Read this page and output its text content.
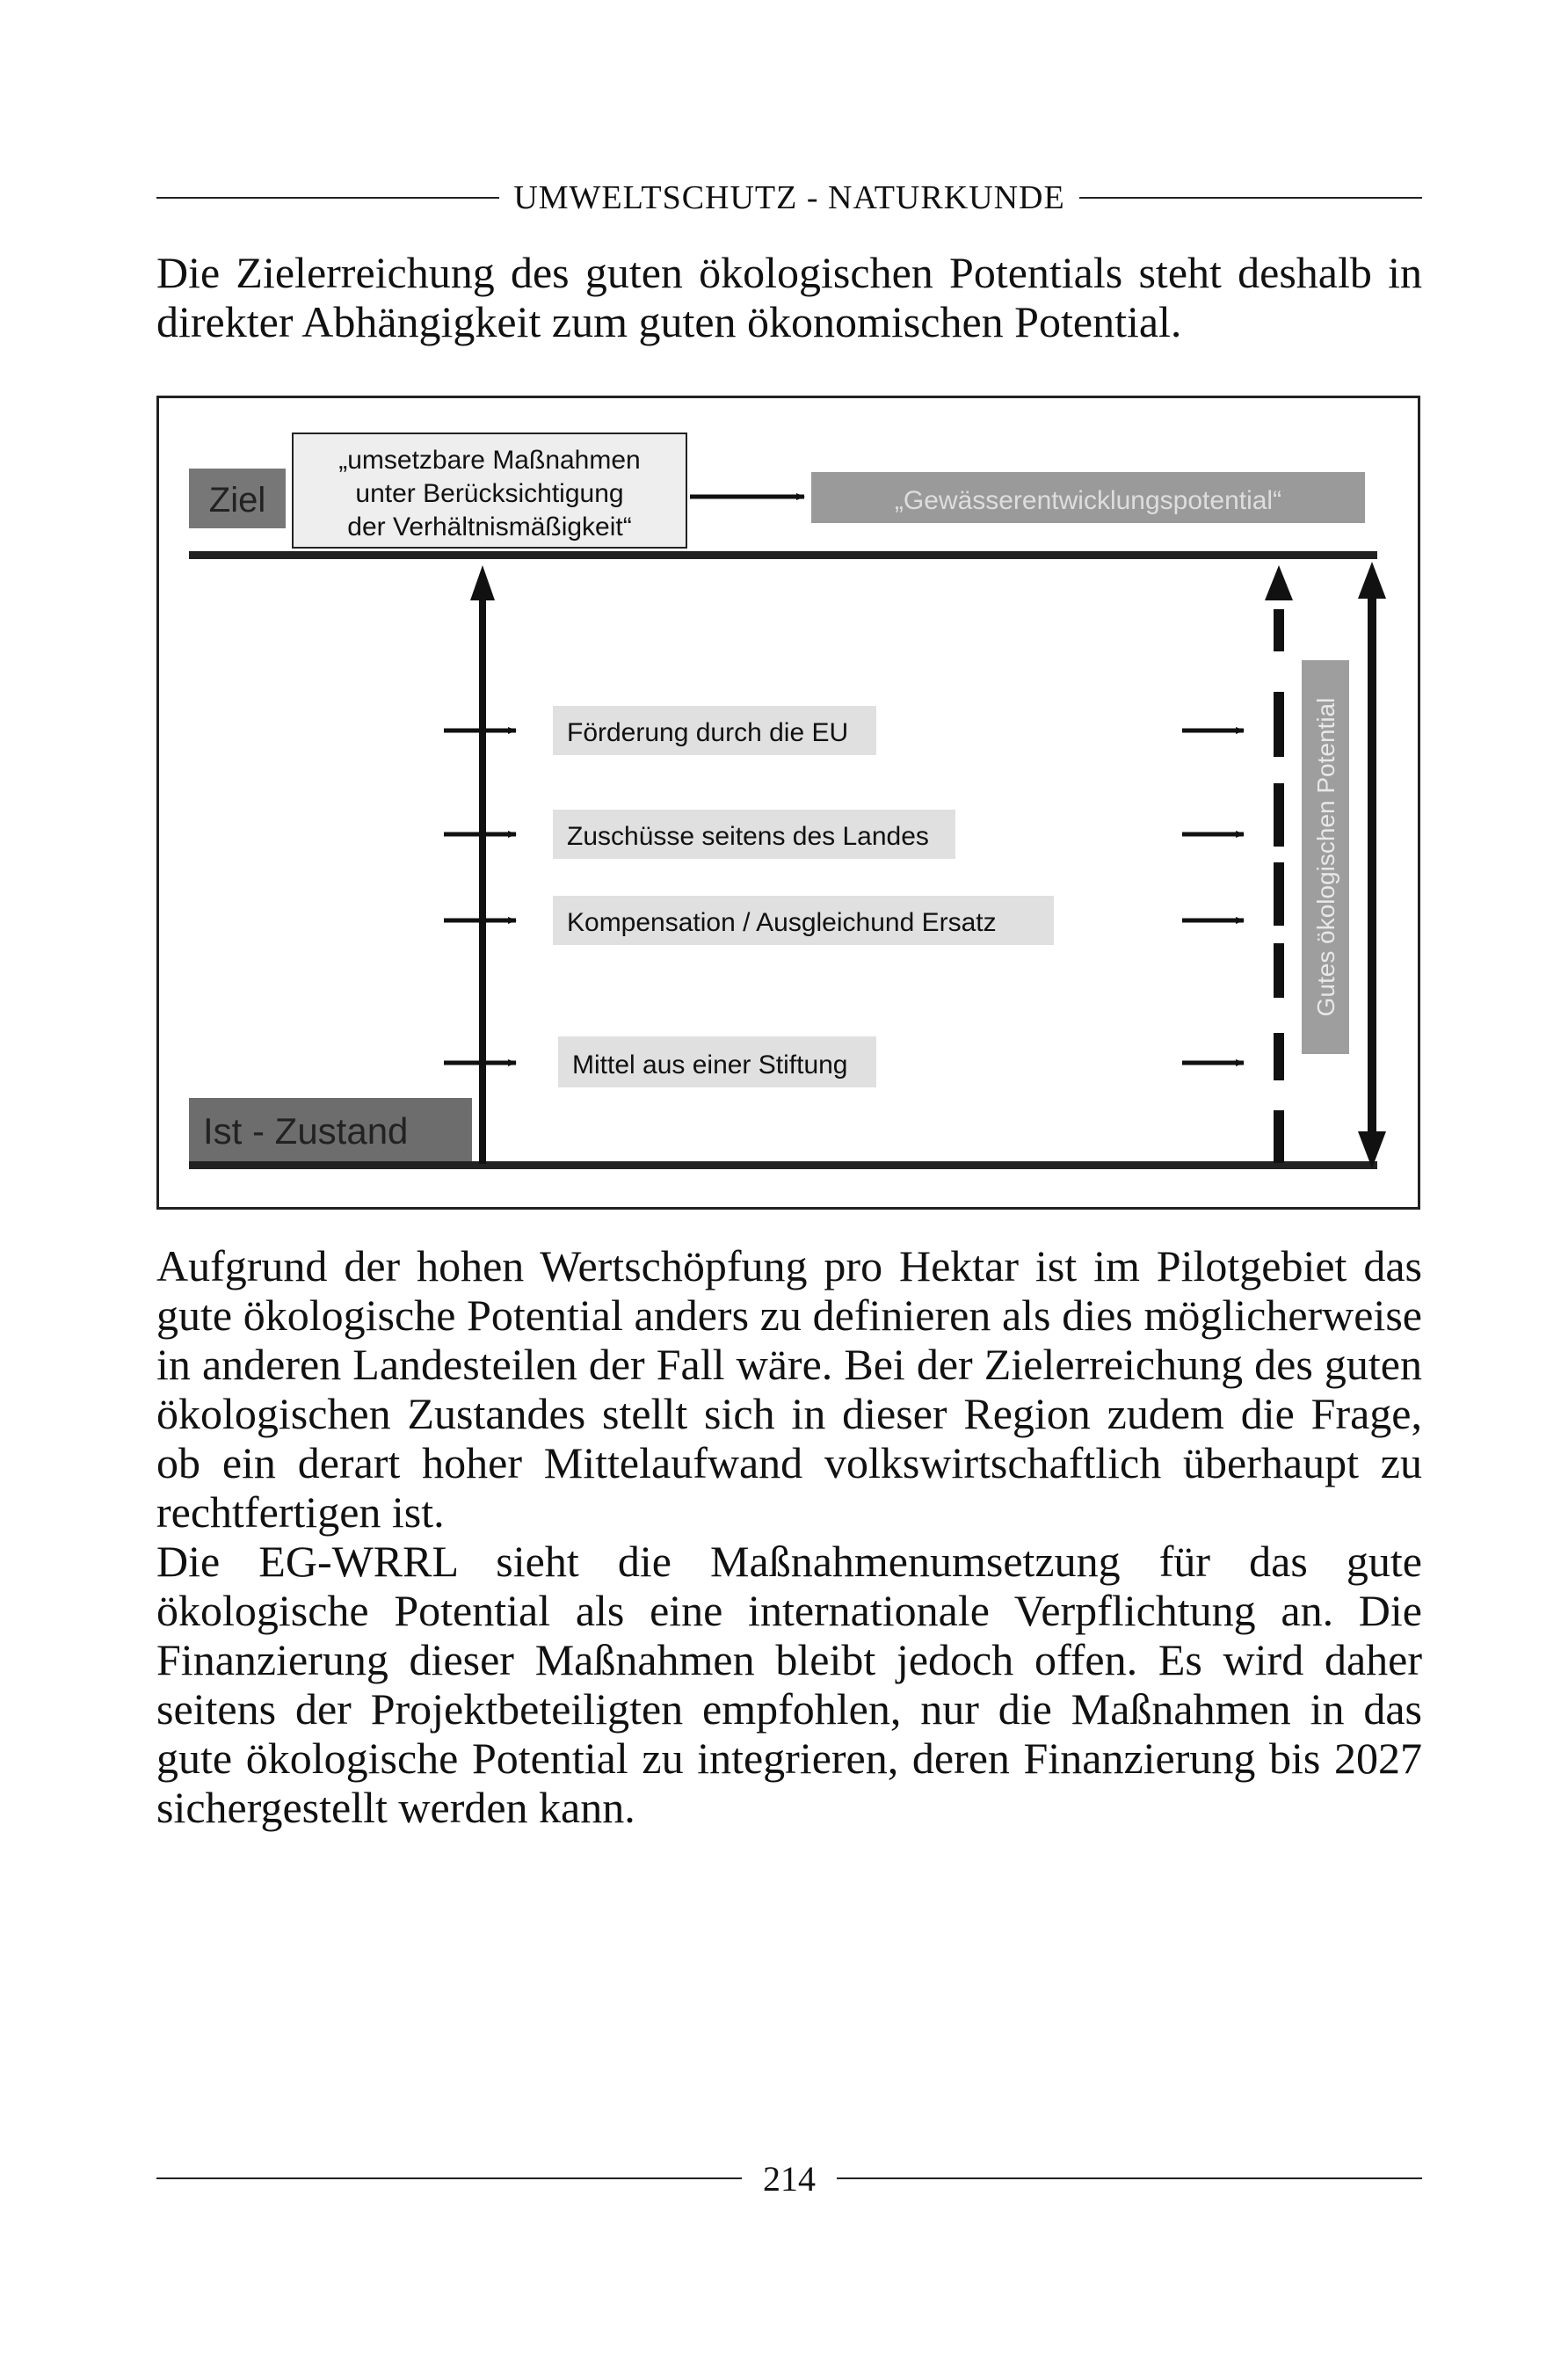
UMWELTSCHUTZ - NATURKUNDE

Die Zielerreichung des guten ökologischen Potentials steht deshalb in direkter Abhängigkeit zum guten ökonomischen Potential.

Ziel
„umsetzbare Maßnahmen
unter Berücksichtigung
der Verhältnismäßigkeit“
„Gewässerentwicklungspotential“
Ist - Zustand
Förderung durch die EU
Zuschüsse seitens des Landes
Kompensation / Ausgleichund Ersatz
Mittel aus einer Stiftung
Gutes ökologischen Potential

Aufgrund der hohen Wertschöpfung pro Hektar ist im Pilotgebiet das gute ökologische Potential anders zu definieren als dies möglicherweise in anderen Landesteilen der Fall wäre. Bei der Zielerreichung des guten ökologischen Zustandes stellt sich in dieser Region zudem die Frage, ob ein derart hoher Mittelaufwand volkswirtschaftlich überhaupt zu rechtfertigen ist.
Die EG-WRRL sieht die Maßnahmenumsetzung für das gute ökologische Potential als eine internationale Verpflichtung an. Die Finanzierung dieser Maßnahmen bleibt jedoch offen. Es wird daher seitens der Projektbeteiligten empfohlen, nur die Maßnahmen in das gute ökologische Potential zu integrieren, deren Finanzierung bis 2027 sichergestellt werden kann.

214
